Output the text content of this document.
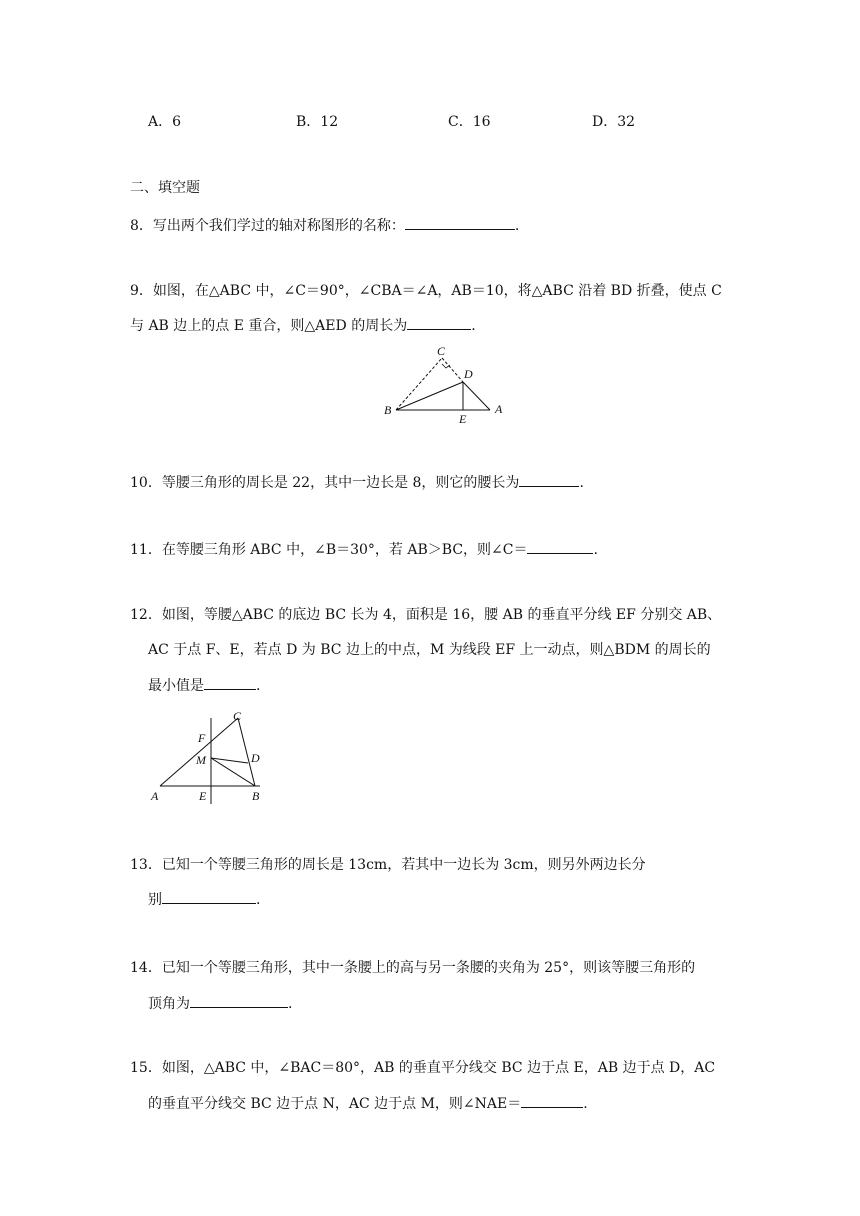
A．6	B．12	C．16	D．32
二、填空题
8．写出两个我们学过的轴对称图形的名称：	.
9．如图，在△ABC 中，∠C＝90°，∠CBA＝∠A，AB＝10，将△ABC 沿着 BD 折叠，使点 C
与 AB 边上的点 E 重合，则△AED 的周长为	.
C
D
B
E
A
10．等腰三角形的周长是 22，其中一边长是 8，则它的腰长为	.
11．在等腰三角形 ABC 中，∠B＝30°，若 AB＞BC，则∠C＝	.
12．如图，等腰△ABC 的底边 BC 长为 4，面积是 16，腰 AB 的垂直平分线 EF 分别交 AB、
AC 于点 F、E，若点 D 为 BC 边上的中点，M 为线段 EF 上一动点，则△BDM 的周长的
最小值是	.
C
F
M	D
A	E	B
13．已知一个等腰三角形的周长是 13cm，若其中一边长为 3cm，则另外两边长分
别	.
14．已知一个等腰三角形，其中一条腰上的高与另一条腰的夹角为 25°，则该等腰三角形的
顶角为	.
15．如图，△ABC 中，∠BAC＝80°，AB 的垂直平分线交 BC 边于点 E，AB 边于点 D，AC
的垂直平分线交 BC 边于点 N，AC 边于点 M，则∠NAE＝	.
